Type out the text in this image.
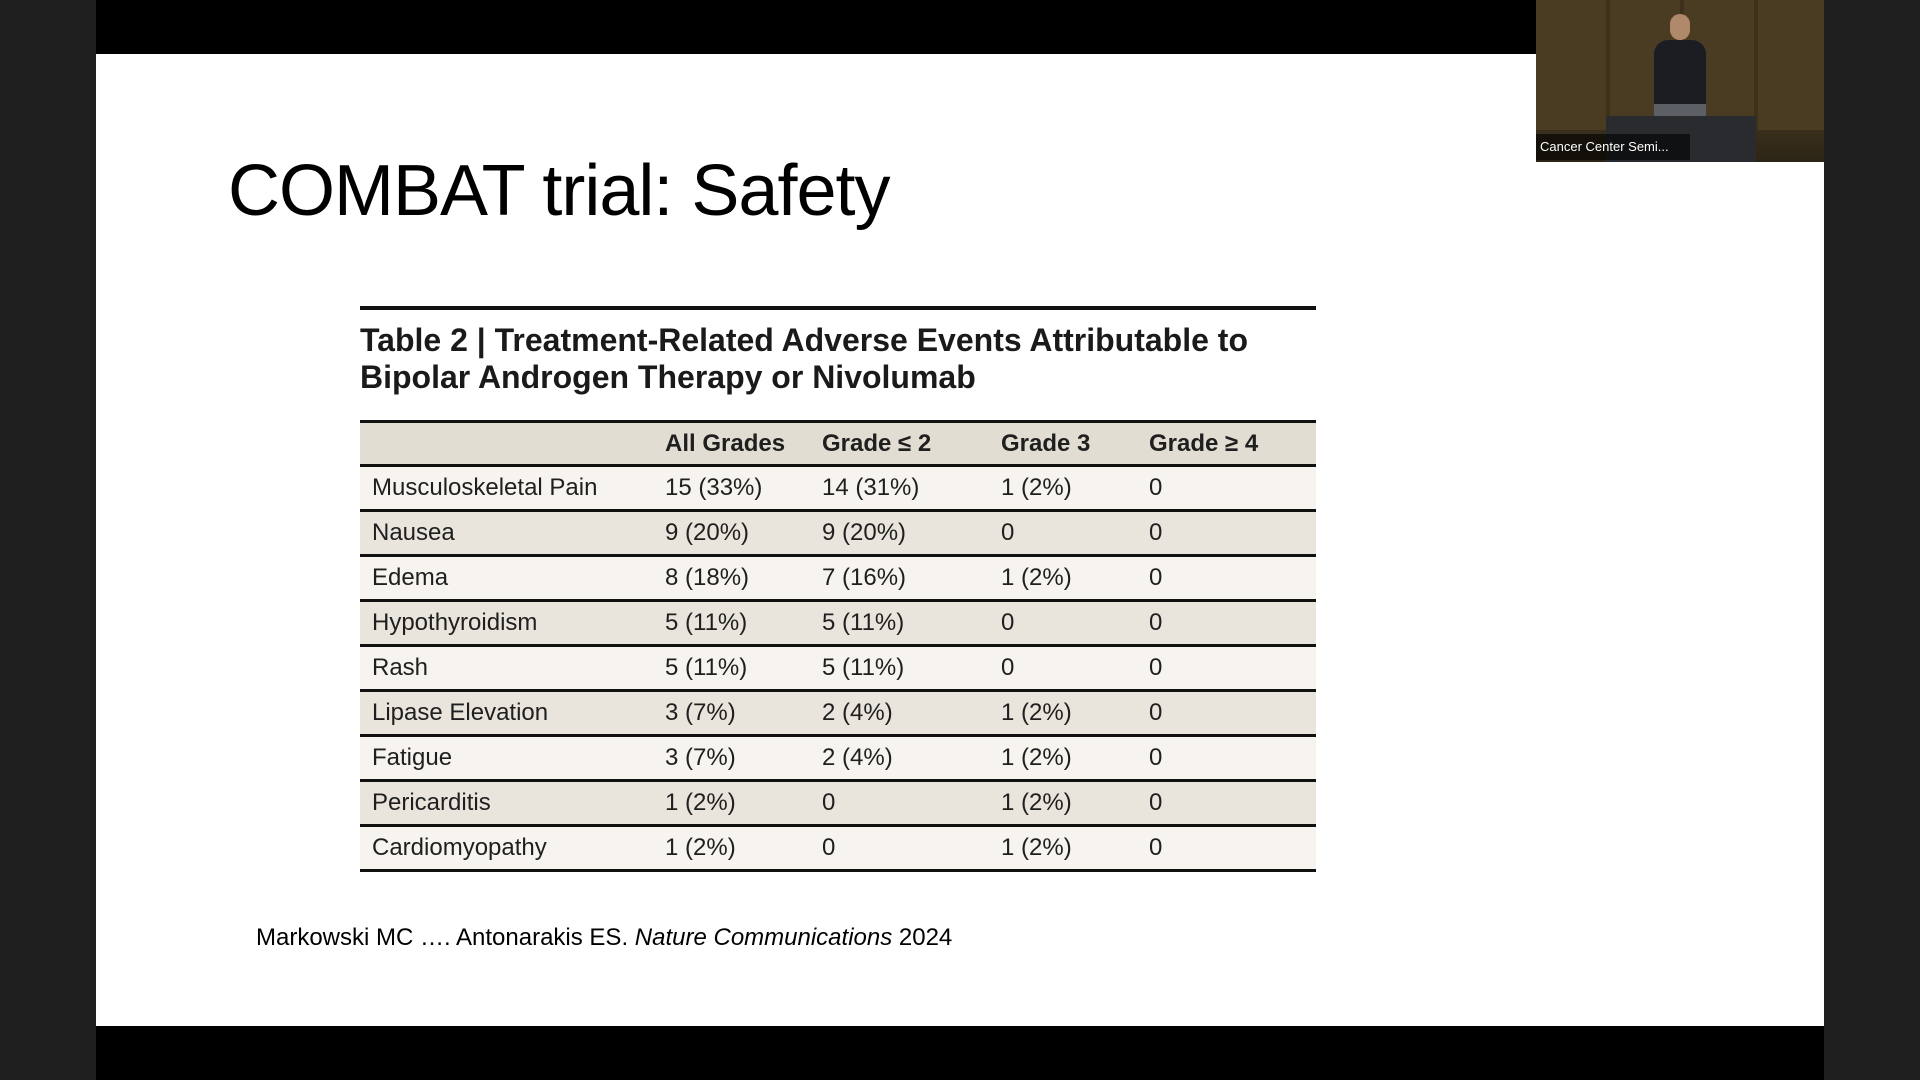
COMBAT trial: Safety

Table 2 | Treatment-Related Adverse Events Attributable to
Bipolar Androgen Therapy or Nivolumab

	All Grades	Grade ≤ 2	Grade 3	Grade ≥ 4
Musculoskeletal Pain	15 (33%)	14 (31%)	1 (2%)	0
Nausea	9 (20%)	9 (20%)	0	0
Edema	8 (18%)	7 (16%)	1 (2%)	0
Hypothyroidism	5 (11%)	5 (11%)	0	0
Rash	5 (11%)	5 (11%)	0	0
Lipase Elevation	3 (7%)	2 (4%)	1 (2%)	0
Fatigue	3 (7%)	2 (4%)	1 (2%)	0
Pericarditis	1 (2%)	0	1 (2%)	0
Cardiomyopathy	1 (2%)	0	1 (2%)	0

Markowski MC …. Antonarakis ES. Nature Communications 2024

Cancer Center Semi...
